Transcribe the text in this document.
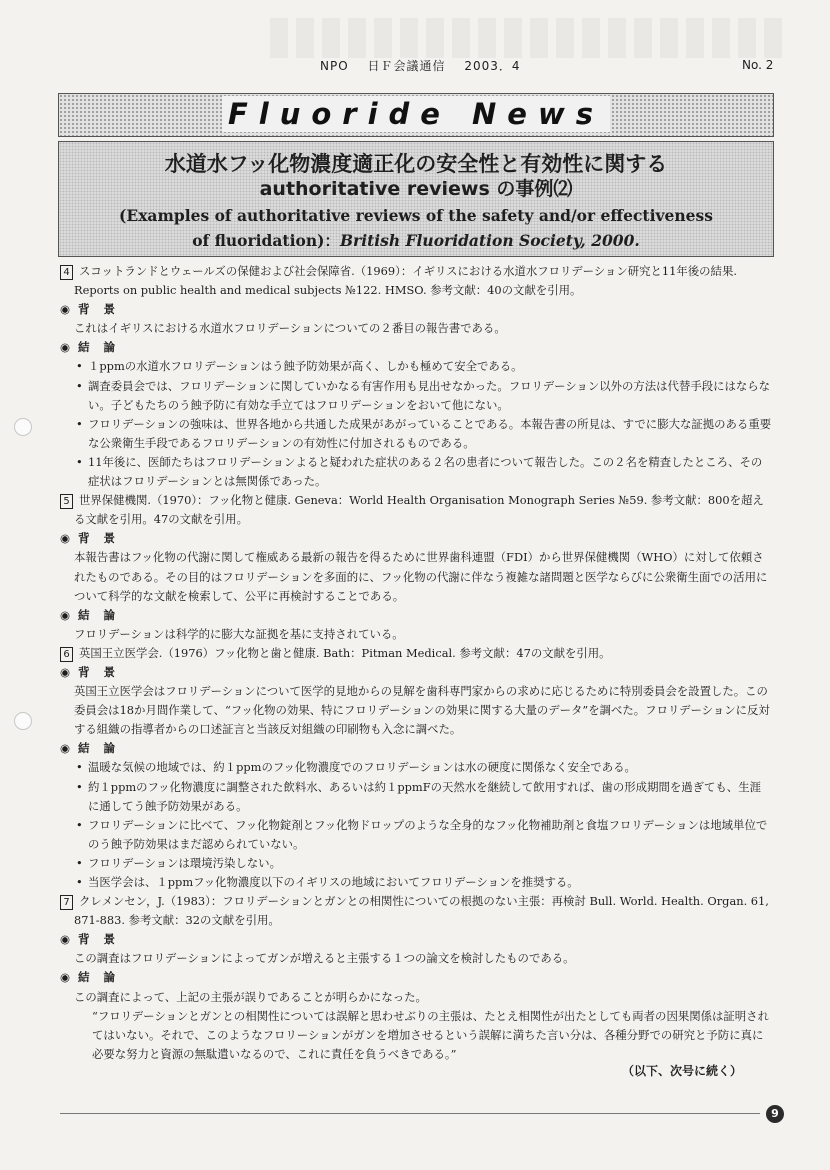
NPO 日Ｆ会議通信 2003．4	No. 2
Fluoride News
水道水フッ化物濃度適正化の安全性と有効性に関する
authoritative reviews の事例⑵
(Examples of authoritative reviews of the safety and/or effectiveness
of fluoridation)：British Fluoridation Society, 2000.

4 スコットランドとウェールズの保健および社会保障省.（1969）：イギリスにおける水道水フロリデーション研究と11年後の結果. Reports on public health and medical subjects №122. HMSO. 参考文献：40の文献を引用。

◉ 背景

これはイギリスにおける水道水フロリデーションについての２番目の報告書である。

◉ 結論

• １ppmの水道水フロリデーションはう蝕予防効果が高く、しかも極めて安全である。
• 調査委員会では、フロリデーションに関していかなる有害作用も見出せなかった。フロリデーション以外の方法は代替手段にはならない。子どもたちのう蝕予防に有効な手立てはフロリデーションをおいて他にない。
• フロリデーションの強味は、世界各地から共通した成果があがっていることである。本報告書の所見は、すでに膨大な証拠のある重要な公衆衛生手段であるフロリデーションの有効性に付加されるものである。
• 11年後に、医師たちはフロリデーションよると疑われた症状のある２名の患者について報告した。この２名を精査したところ、その症状はフロリデーションとは無関係であった。

5 世界保健機関.（1970）：フッ化物と健康. Geneva：World Health Organisation Monograph Series №59. 参考文献：800を超える文献を引用。47の文献を引用。

◉ 背景

本報告書はフッ化物の代謝に関して権威ある最新の報告を得るために世界歯科連盟（FDI）から世界保健機関（WHO）に対して依頼されたものである。その目的はフロリデーションを多面的に、フッ化物の代謝に伴なう複雑な諸問題と医学ならびに公衆衛生面での活用について科学的な文献を検索して、公平に再検討することである。

◉ 結論

フロリデーションは科学的に膨大な証拠を基に支持されている。

6 英国王立医学会.（1976）フッ化物と歯と健康. Bath：Pitman Medical. 参考文献：47の文献を引用。

◉ 背景

英国王立医学会はフロリデーションについて医学的見地からの見解を歯科専門家からの求めに応じるために特別委員会を設置した。この委員会は18か月間作業して、“フッ化物の効果、特にフロリデーションの効果に関する大量のデータ”を調べた。フロリデーションに反対する組織の指導者からの口述証言と当該反対組織の印刷物も入念に調べた。

◉ 結論

• 温暖な気候の地域では、約１ppmのフッ化物濃度でのフロリデーションは水の硬度に関係なく安全である。
• 約１ppmのフッ化物濃度に調整された飲料水、あるいは約１ppmFの天然水を継続して飲用すれば、歯の形成期間を過ぎても、生涯に通してう蝕予防効果がある。
• フロリデーションに比べて、フッ化物錠剤とフッ化物ドロップのような全身的なフッ化物補助剤と食塩フロリデーションは地域単位でのう蝕予防効果はまだ認められていない。
• フロリデーションは環境汚染しない。
• 当医学会は、１ppmフッ化物濃度以下のイギリスの地域においてフロリデーションを推奨する。

7 クレメンセン，J.（1983）：フロリデーションとガンとの相関性についての根拠のない主張：再検討 Bull. World. Health. Organ. 61, 871-883. 参考文献：32の文献を引用。

◉ 背景

この調査はフロリデーションによってガンが増えると主張する１つの論文を検討したものである。

◉ 結論

この調査によって、上記の主張が誤りであることが明らかになった。

“フロリデーションとガンとの相関性については誤解と思わせぶりの主張は、たとえ相関性が出たとしても両者の因果関係は証明されてはいない。それで、このようなフロリーションがガンを増加させるという誤解に満ちた言い分は、各種分野での研究と予防に真に必要な努力と資源の無駄遣いなるので、これに責任を負うべきである。”

（以下、次号に続く）
9
